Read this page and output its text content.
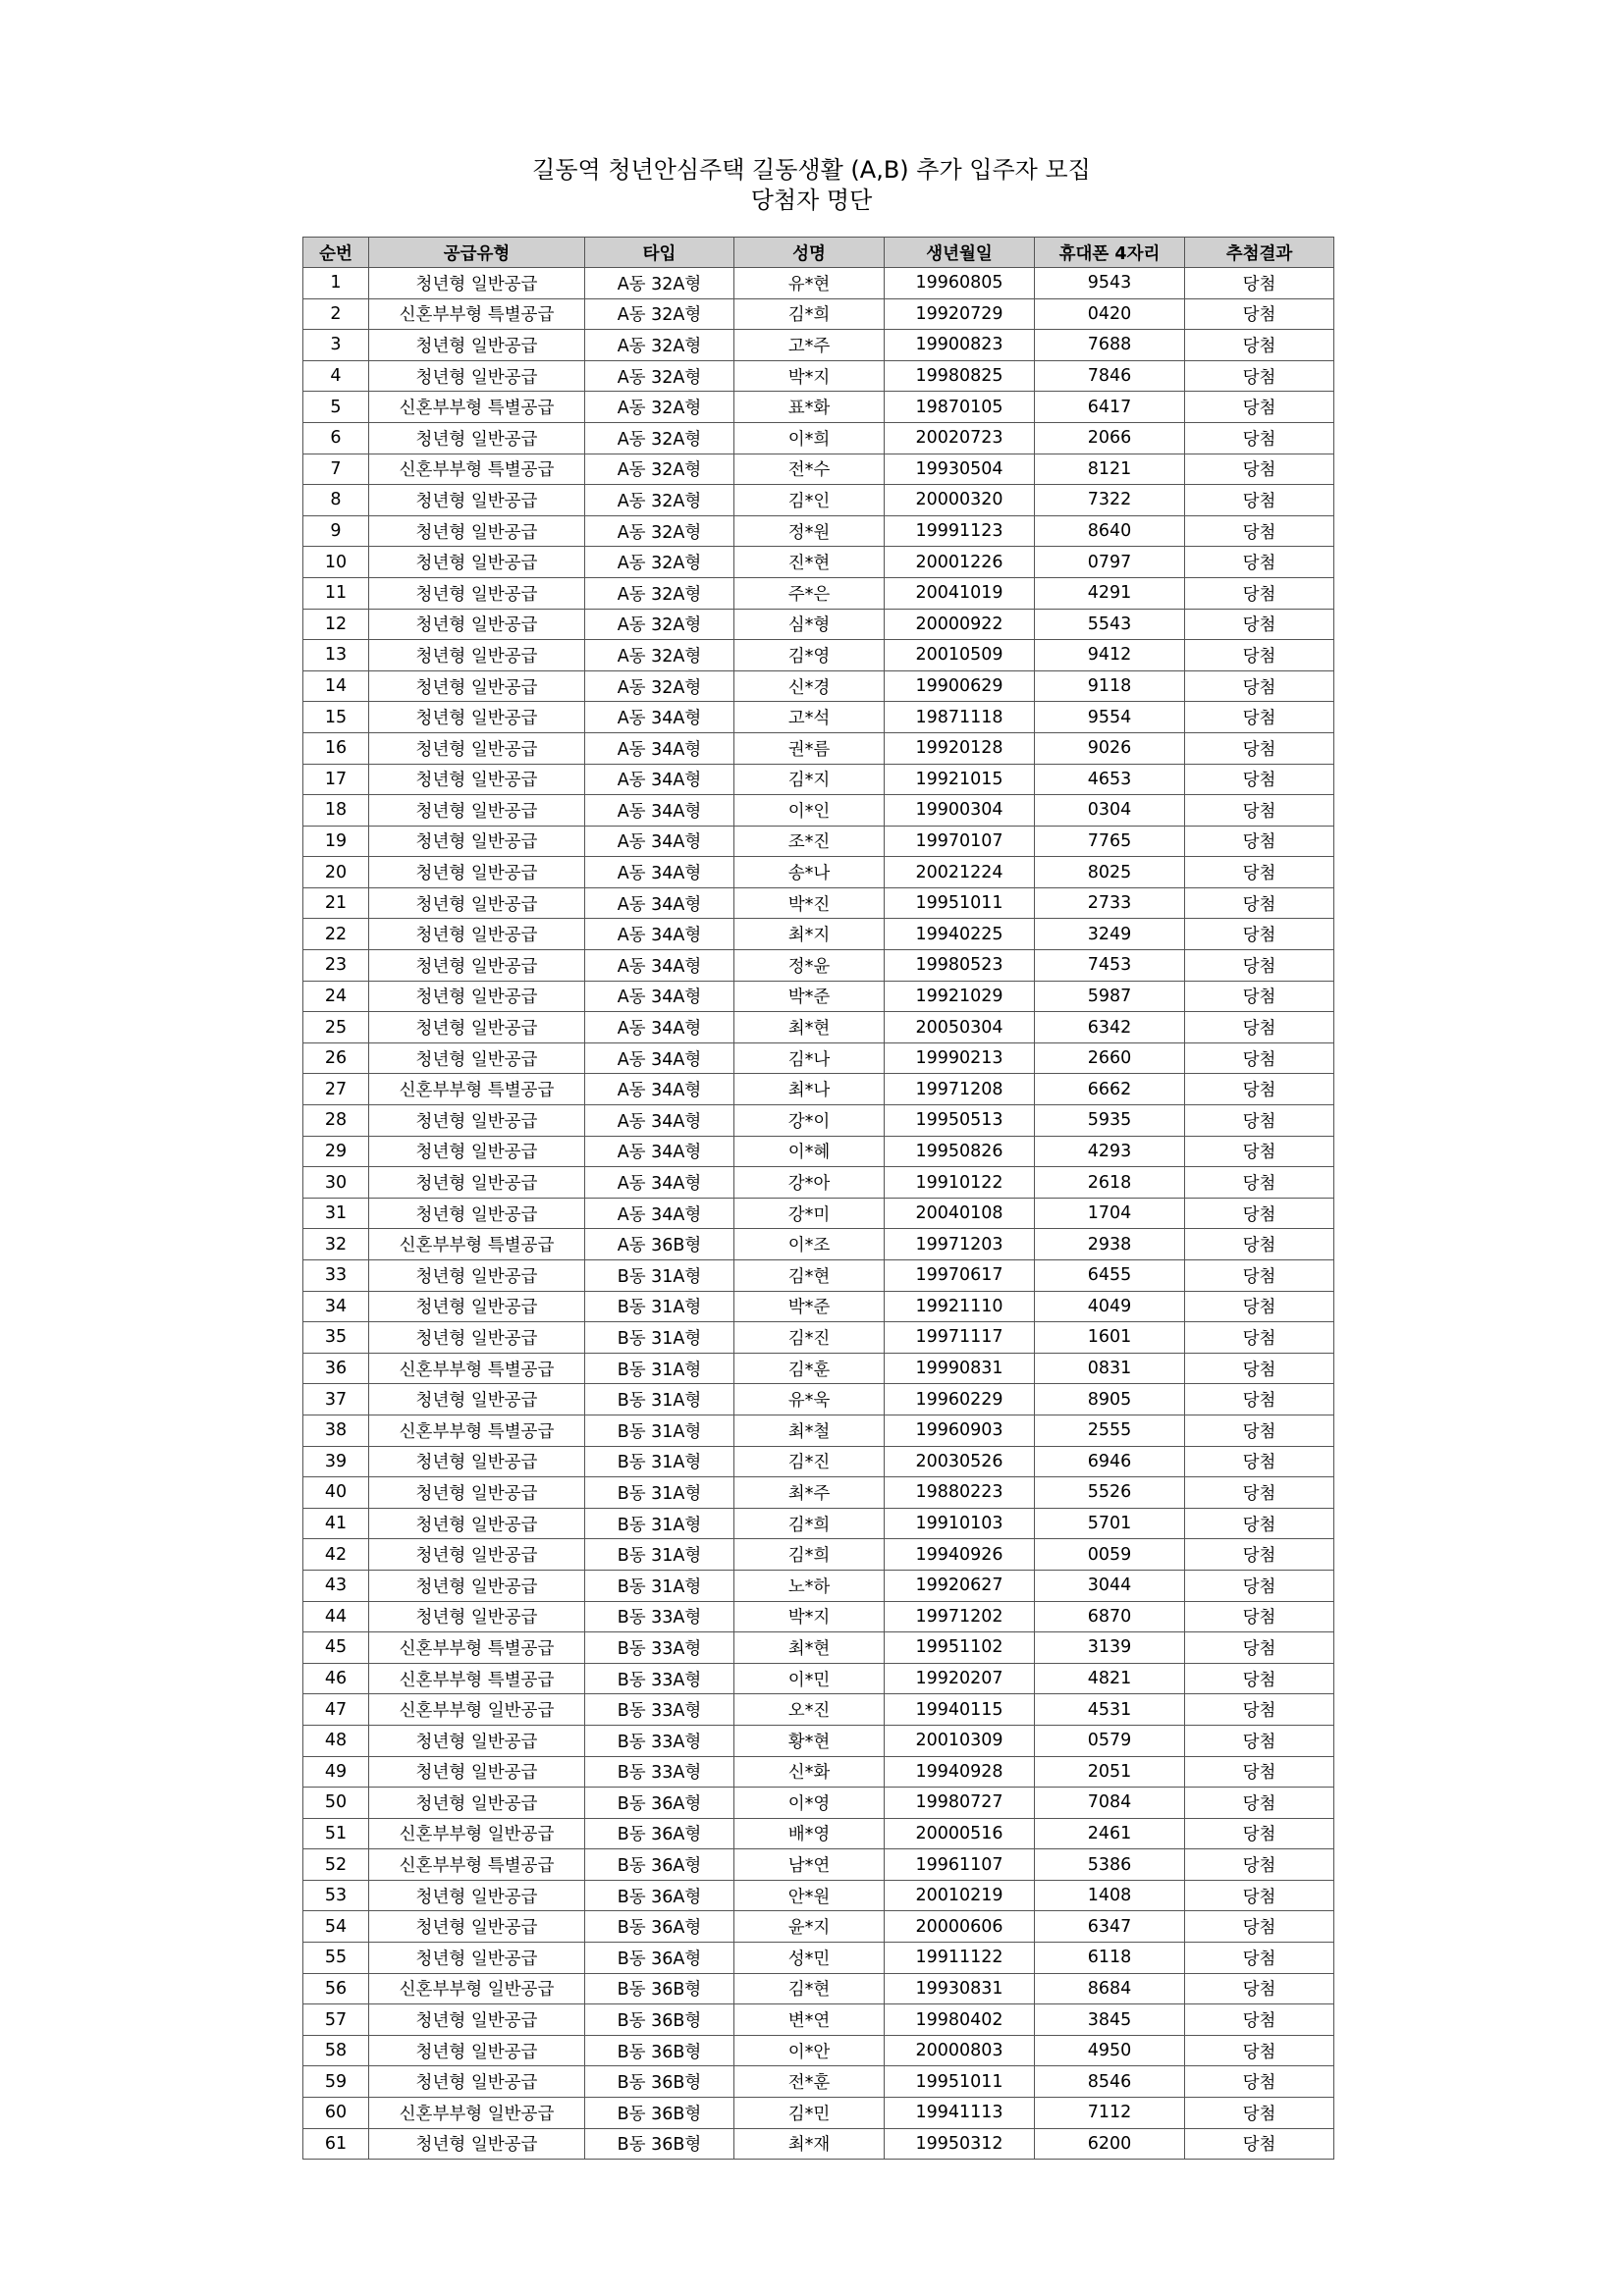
길동역 청년안심주택 길동생활 (A,B) 추가 입주자 모집

당첨자 명단

순번	공급유형	타입	성명	생년월일	휴대폰 4자리	추첨결과
1	청년형 일반공급	A동 32A형	유*현	19960805	9543	당첨
2	신혼부부형 특별공급	A동 32A형	김*희	19920729	0420	당첨
3	청년형 일반공급	A동 32A형	고*주	19900823	7688	당첨
4	청년형 일반공급	A동 32A형	박*지	19980825	7846	당첨
5	신혼부부형 특별공급	A동 32A형	표*화	19870105	6417	당첨
6	청년형 일반공급	A동 32A형	이*희	20020723	2066	당첨
7	신혼부부형 특별공급	A동 32A형	전*수	19930504	8121	당첨
8	청년형 일반공급	A동 32A형	김*인	20000320	7322	당첨
9	청년형 일반공급	A동 32A형	정*원	19991123	8640	당첨
10	청년형 일반공급	A동 32A형	진*현	20001226	0797	당첨
11	청년형 일반공급	A동 32A형	주*은	20041019	4291	당첨
12	청년형 일반공급	A동 32A형	심*형	20000922	5543	당첨
13	청년형 일반공급	A동 32A형	김*영	20010509	9412	당첨
14	청년형 일반공급	A동 32A형	신*경	19900629	9118	당첨
15	청년형 일반공급	A동 34A형	고*석	19871118	9554	당첨
16	청년형 일반공급	A동 34A형	권*름	19920128	9026	당첨
17	청년형 일반공급	A동 34A형	김*지	19921015	4653	당첨
18	청년형 일반공급	A동 34A형	이*인	19900304	0304	당첨
19	청년형 일반공급	A동 34A형	조*진	19970107	7765	당첨
20	청년형 일반공급	A동 34A형	송*나	20021224	8025	당첨
21	청년형 일반공급	A동 34A형	박*진	19951011	2733	당첨
22	청년형 일반공급	A동 34A형	최*지	19940225	3249	당첨
23	청년형 일반공급	A동 34A형	정*윤	19980523	7453	당첨
24	청년형 일반공급	A동 34A형	박*준	19921029	5987	당첨
25	청년형 일반공급	A동 34A형	최*현	20050304	6342	당첨
26	청년형 일반공급	A동 34A형	김*나	19990213	2660	당첨
27	신혼부부형 특별공급	A동 34A형	최*나	19971208	6662	당첨
28	청년형 일반공급	A동 34A형	강*이	19950513	5935	당첨
29	청년형 일반공급	A동 34A형	이*혜	19950826	4293	당첨
30	청년형 일반공급	A동 34A형	강*아	19910122	2618	당첨
31	청년형 일반공급	A동 34A형	강*미	20040108	1704	당첨
32	신혼부부형 특별공급	A동 36B형	이*조	19971203	2938	당첨
33	청년형 일반공급	B동 31A형	김*현	19970617	6455	당첨
34	청년형 일반공급	B동 31A형	박*준	19921110	4049	당첨
35	청년형 일반공급	B동 31A형	김*진	19971117	1601	당첨
36	신혼부부형 특별공급	B동 31A형	김*훈	19990831	0831	당첨
37	청년형 일반공급	B동 31A형	유*욱	19960229	8905	당첨
38	신혼부부형 특별공급	B동 31A형	최*철	19960903	2555	당첨
39	청년형 일반공급	B동 31A형	김*진	20030526	6946	당첨
40	청년형 일반공급	B동 31A형	최*주	19880223	5526	당첨
41	청년형 일반공급	B동 31A형	김*희	19910103	5701	당첨
42	청년형 일반공급	B동 31A형	김*희	19940926	0059	당첨
43	청년형 일반공급	B동 31A형	노*하	19920627	3044	당첨
44	청년형 일반공급	B동 33A형	박*지	19971202	6870	당첨
45	신혼부부형 특별공급	B동 33A형	최*현	19951102	3139	당첨
46	신혼부부형 특별공급	B동 33A형	이*민	19920207	4821	당첨
47	신혼부부형 일반공급	B동 33A형	오*진	19940115	4531	당첨
48	청년형 일반공급	B동 33A형	황*현	20010309	0579	당첨
49	청년형 일반공급	B동 33A형	신*화	19940928	2051	당첨
50	청년형 일반공급	B동 36A형	이*영	19980727	7084	당첨
51	신혼부부형 일반공급	B동 36A형	배*영	20000516	2461	당첨
52	신혼부부형 특별공급	B동 36A형	남*연	19961107	5386	당첨
53	청년형 일반공급	B동 36A형	안*원	20010219	1408	당첨
54	청년형 일반공급	B동 36A형	윤*지	20000606	6347	당첨
55	청년형 일반공급	B동 36A형	성*민	19911122	6118	당첨
56	신혼부부형 일반공급	B동 36B형	김*현	19930831	8684	당첨
57	청년형 일반공급	B동 36B형	변*연	19980402	3845	당첨
58	청년형 일반공급	B동 36B형	이*안	20000803	4950	당첨
59	청년형 일반공급	B동 36B형	전*훈	19951011	8546	당첨
60	신혼부부형 일반공급	B동 36B형	김*민	19941113	7112	당첨
61	청년형 일반공급	B동 36B형	최*재	19950312	6200	당첨
